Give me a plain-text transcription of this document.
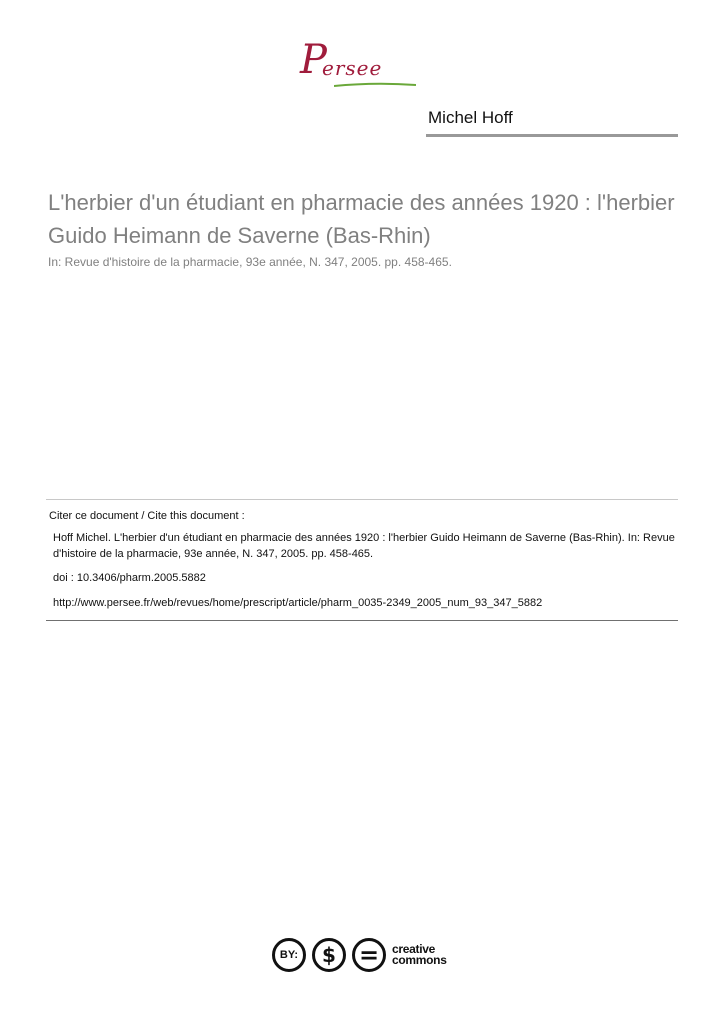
P
ersee
Michel Hoff
L'herbier d'un étudiant en pharmacie des années 1920 : l'herbier Guido Heimann de Saverne (Bas-Rhin)
In: Revue d'histoire de la pharmacie, 93e année, N. 347, 2005. pp. 458-465.
Citer ce document / Cite this document :
Hoff Michel. L'herbier d'un étudiant en pharmacie des années 1920 : l'herbier Guido Heimann de Saverne (Bas-Rhin). In: Revue d'histoire de la pharmacie, 93e année, N. 347, 2005. pp. 458-465.
doi : 10.3406/pharm.2005.5882
http://www.persee.fr/web/revues/home/prescript/article/pharm_0035-2349_2005_num_93_347_5882
BY:	$ =	creative
commons
